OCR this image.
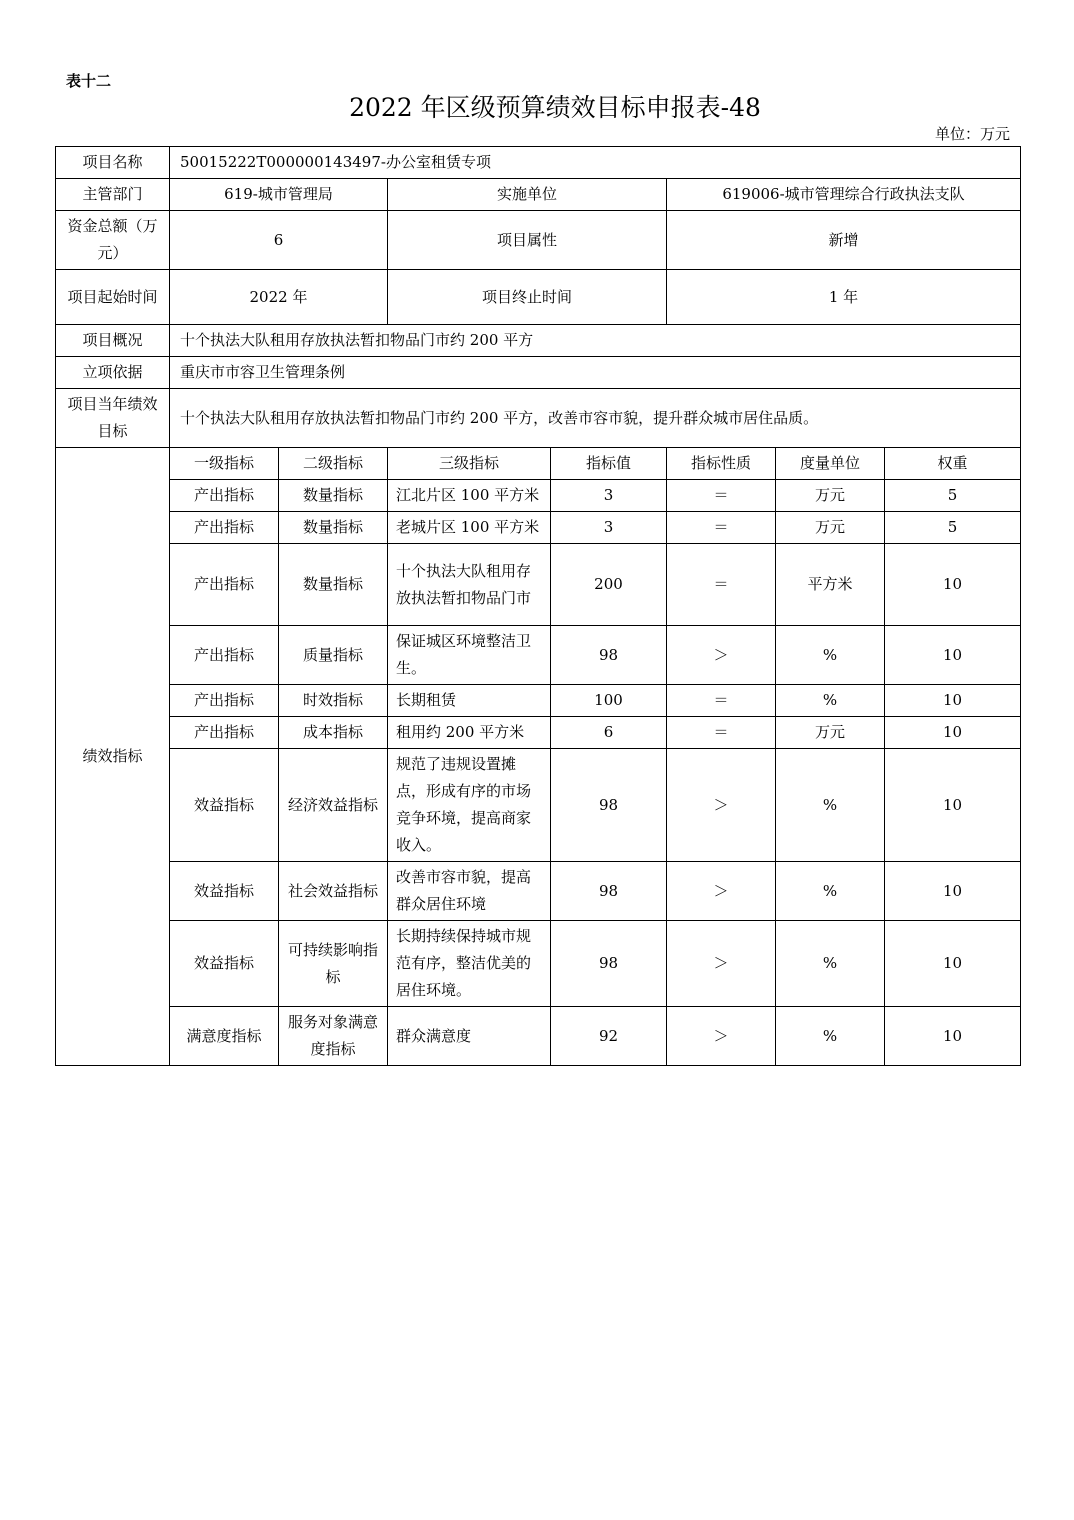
表十二
2022 年区级预算绩效目标申报表-48
单位：万元
项目名称	50015222T000000143497-办公室租赁专项						
主管部门	619-城市管理局		实施单位		619006-城市管理综合行政执法支队		
资金总额（万元）	6		项目属性		新增		
项目起始时间	2022 年		项目终止时间		1 年		
项目概况	十个执法大队租用存放执法暂扣物品门市约 200 平方						
立项依据	重庆市市容卫生管理条例						
项目当年绩效目标	十个执法大队租用存放执法暂扣物品门市约 200 平方，改善市容市貌，提升群众城市居住品质。						
绩效指标	一级指标	二级指标	三级指标	指标值	指标性质	度量单位	权重
	产出指标	数量指标	江北片区 100 平方米	3	＝	万元	5
	产出指标	数量指标	老城片区 100 平方米	3	＝	万元	5
	产出指标	数量指标	十个执法大队租用存放执法暂扣物品门市	200	＝	平方米	10
	产出指标	质量指标	保证城区环境整洁卫生。	98	＞	%	10
	产出指标	时效指标	长期租赁	100	＝	%	10
	产出指标	成本指标	租用约 200 平方米	6	＝	万元	10
	效益指标	经济效益指标	规范了违规设置摊点，形成有序的市场竞争环境，提高商家收入。	98	＞	%	10
	效益指标	社会效益指标	改善市容市貌，提高群众居住环境	98	＞	%	10
	效益指标	可持续影响指标	长期持续保持城市规范有序，整洁优美的居住环境。	98	＞	%	10
	满意度指标	服务对象满意度指标	群众满意度	92	＞	%	10
